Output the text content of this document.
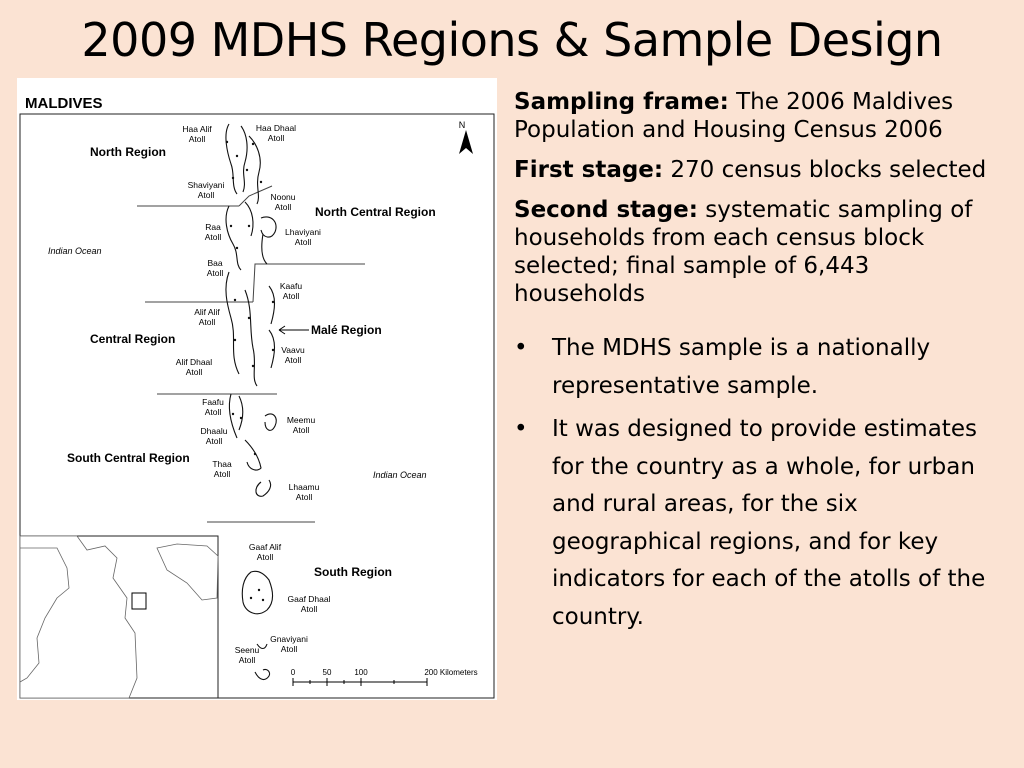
2009 MDHS Regions & Sample Design
MALDIVES
N
North Region
North Central Region
Central Region
Malé Region
South Central Region
South Region
Indian Ocean
Indian Ocean
Haa Alif Atoll
Haa Dhaal Atoll
Shaviyani Atoll	Noonu Atoll
Raa Atoll	Lhaviyani Atoll
Baa Atoll
Kaafu Atoll
Alif Alif Atoll
Vaavu Atoll
Alif Dhaal Atoll
Faafu Atoll
Meemu Atoll
Dhaalu Atoll
Thaa Atoll
Lhaamu Atoll
Gaaf Alif Atoll
Gaaf Dhaal Atoll
Gnaviyani Atoll
Seenu Atoll
0	50	100	200 Kilometers

Sampling frame: The 2006 Maldives Population and Housing Census 2006

First stage: 270 census blocks selected

Second stage: systematic sampling of households from each census block selected; final sample of 6,443 households

• The MDHS sample is a nationally representative sample.
• It was designed to provide estimates for the country as a whole, for urban and rural areas, for the six geographical regions, and for key indicators for each of the atolls of the country.
